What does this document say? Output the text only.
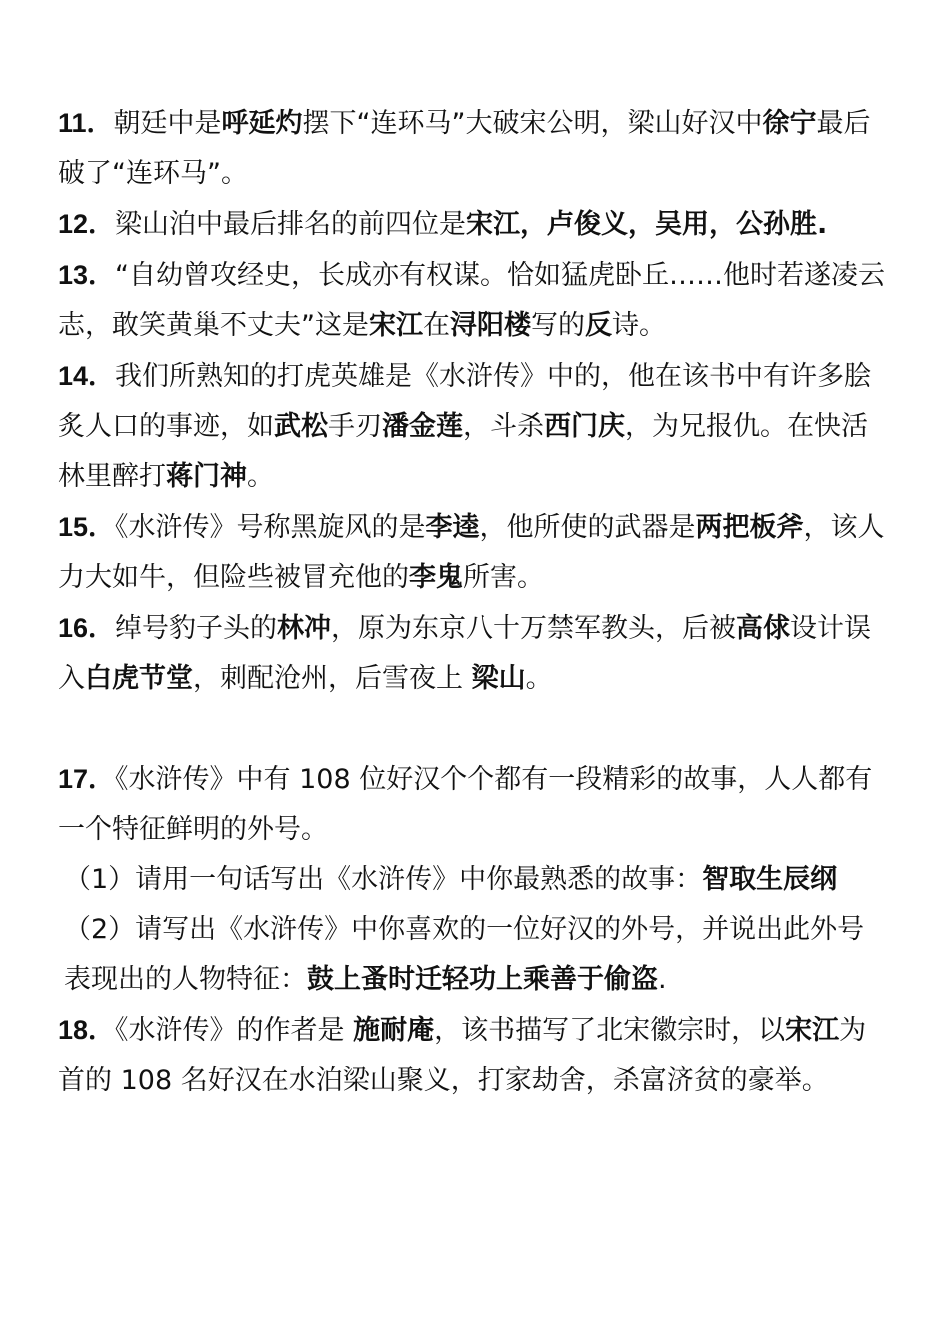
11．朝廷中是呼延灼摆下“连环马”大破宋公明，梁山好汉中徐宁最后破了“连环马”。

12．梁山泊中最后排名的前四位是宋江，卢俊义，吴用，公孙胜.

13．“自幼曾攻经史，长成亦有权谋。恰如猛虎卧丘……他时若遂凌云志，敢笑黄巢不丈夫”这是宋江在浔阳楼写的反诗。

14．我们所熟知的打虎英雄是《水浒传》中的，他在该书中有许多脍炙人口的事迹，如武松手刃潘金莲，斗杀西门庆，为兄报仇。在快活林里醉打蒋门神。

15．《水浒传》号称黑旋风的是李逵，他所使的武器是两把板斧，该人力大如牛，但险些被冒充他的李鬼所害。

16．绰号豹子头的林冲，原为东京八十万禁军教头，后被高俅设计误入白虎节堂，刺配沧州，后雪夜上 梁山。

17．《水浒传》中有 108 位好汉个个都有一段精彩的故事，人人都有一个特征鲜明的外号。

（1）请用一句话写出《水浒传》中你最熟悉的故事：智取生辰纲

（2）请写出《水浒传》中你喜欢的一位好汉的外号，并说出此外号表现出的人物特征：鼓上蚤时迁轻功上乘善于偷盗.

18．《水浒传》的作者是 施耐庵，该书描写了北宋徽宗时，以宋江为首的 108 名好汉在水泊梁山聚义，打家劫舍，杀富济贫的豪举。
